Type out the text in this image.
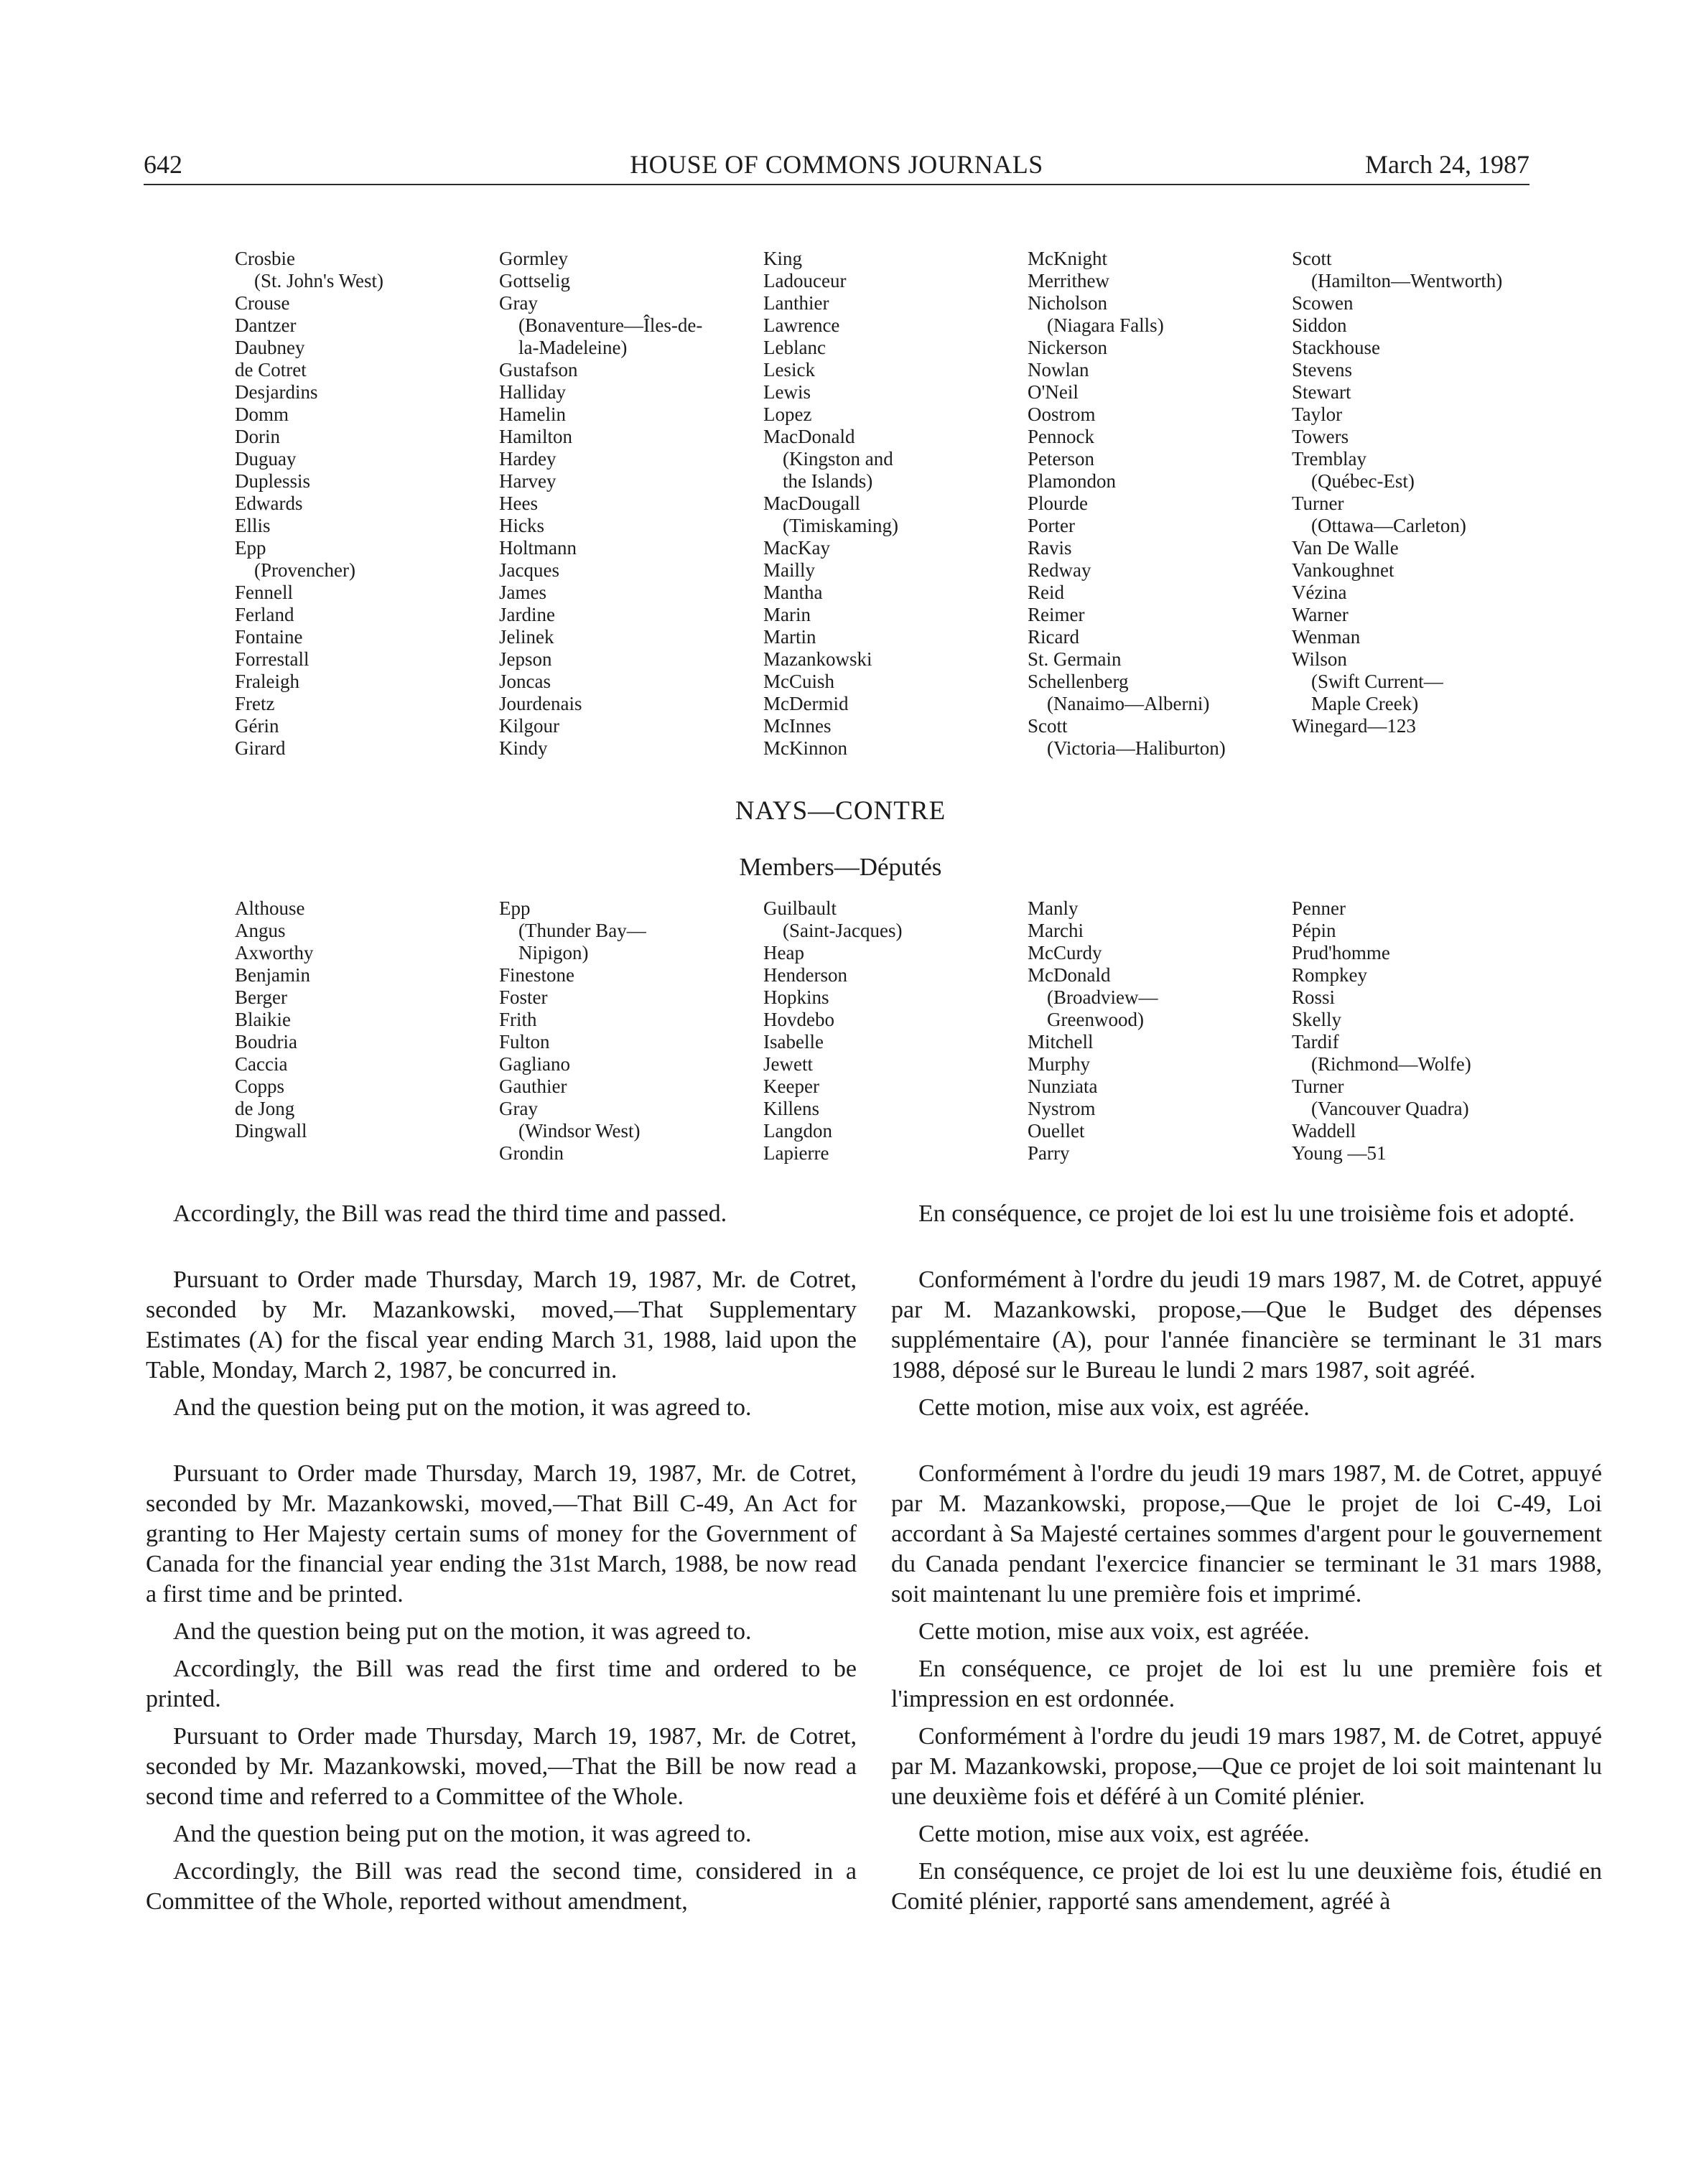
642	HOUSE OF COMMONS JOURNALS	March 24, 1987
Crosbie
(St. John's West)
Crouse
Dantzer
Daubney
de Cotret
Desjardins
Domm
Dorin
Duguay
Duplessis
Edwards
Ellis
Epp
(Provencher)
Fennell
Ferland
Fontaine
Forrestall
Fraleigh
Fretz
Gérin
Girard
Gormley
Gottselig
Gray
(Bonaventure—Îles-de-
la-Madeleine)
Gustafson
Halliday
Hamelin
Hamilton
Hardey
Harvey
Hees
Hicks
Holtmann
Jacques
James
Jardine
Jelinek
Jepson
Joncas
Jourdenais
Kilgour
Kindy
King
Ladouceur
Lanthier
Lawrence
Leblanc
Lesick
Lewis
Lopez
MacDonald
(Kingston and
the Islands)
MacDougall
(Timiskaming)
MacKay
Mailly
Mantha
Marin
Martin
Mazankowski
McCuish
McDermid
McInnes
McKinnon
McKnight
Merrithew
Nicholson
(Niagara Falls)
Nickerson
Nowlan
O'Neil
Oostrom
Pennock
Peterson
Plamondon
Plourde
Porter
Ravis
Redway
Reid
Reimer
Ricard
St. Germain
Schellenberg
(Nanaimo—Alberni)
Scott
(Victoria—Haliburton)
Scott
(Hamilton—Wentworth)
Scowen
Siddon
Stackhouse
Stevens
Stewart
Taylor
Towers
Tremblay
(Québec-Est)
Turner
(Ottawa—Carleton)
Van De Walle
Vankoughnet
Vézina
Warner
Wenman
Wilson
(Swift Current—
Maple Creek)
Winegard—123
NAYS—CONTRE
Members—Députés
Althouse
Angus
Axworthy
Benjamin
Berger
Blaikie
Boudria
Caccia
Copps
de Jong
Dingwall
Epp
(Thunder Bay—
Nipigon)
Finestone
Foster
Frith
Fulton
Gagliano
Gauthier
Gray
(Windsor West)
Grondin
Guilbault
(Saint-Jacques)
Heap
Henderson
Hopkins
Hovdebo
Isabelle
Jewett
Keeper
Killens
Langdon
Lapierre
Manly
Marchi
McCurdy
McDonald
(Broadview—
Greenwood)
Mitchell
Murphy
Nunziata
Nystrom
Ouellet
Parry
Penner
Pépin
Prud'homme
Rompkey
Rossi
Skelly
Tardif
(Richmond—Wolfe)
Turner
(Vancouver Quadra)
Waddell
Young —51

Accordingly, the Bill was read the third time and passed.

Pursuant to Order made Thursday, March 19, 1987, Mr. de Cotret, seconded by Mr. Mazankowski, moved,—That Supplementary Estimates (A) for the fiscal year ending March 31, 1988, laid upon the Table, Monday, March 2, 1987, be concurred in.

And the question being put on the motion, it was agreed to.

Pursuant to Order made Thursday, March 19, 1987, Mr. de Cotret, seconded by Mr. Mazankowski, moved,—That Bill C-49, An Act for granting to Her Majesty certain sums of money for the Government of Canada for the financial year ending the 31st March, 1988, be now read a first time and be printed.

And the question being put on the motion, it was agreed to.

Accordingly, the Bill was read the first time and ordered to be printed.

Pursuant to Order made Thursday, March 19, 1987, Mr. de Cotret, seconded by Mr. Mazankowski, moved,—That the Bill be now read a second time and referred to a Committee of the Whole.

And the question being put on the motion, it was agreed to.

Accordingly, the Bill was read the second time, considered in a Committee of the Whole, reported without amendment,

En conséquence, ce projet de loi est lu une troisième fois et adopté.

Conformément à l'ordre du jeudi 19 mars 1987, M. de Cotret, appuyé par M. Mazankowski, propose,—Que le Budget des dépenses supplémentaire (A), pour l'année financière se terminant le 31 mars 1988, déposé sur le Bureau le lundi 2 mars 1987, soit agréé.

Cette motion, mise aux voix, est agréée.

Conformément à l'ordre du jeudi 19 mars 1987, M. de Cotret, appuyé par M. Mazankowski, propose,—Que le projet de loi C-49, Loi accordant à Sa Majesté certaines sommes d'argent pour le gouvernement du Canada pendant l'exercice financier se terminant le 31 mars 1988, soit maintenant lu une première fois et imprimé.

Cette motion, mise aux voix, est agréée.

En conséquence, ce projet de loi est lu une première fois et l'impression en est ordonnée.

Conformément à l'ordre du jeudi 19 mars 1987, M. de Cotret, appuyé par M. Mazankowski, propose,—Que ce projet de loi soit maintenant lu une deuxième fois et déféré à un Comité plénier.

Cette motion, mise aux voix, est agréée.

En conséquence, ce projet de loi est lu une deuxième fois, étudié en Comité plénier, rapporté sans amendement, agréé à
